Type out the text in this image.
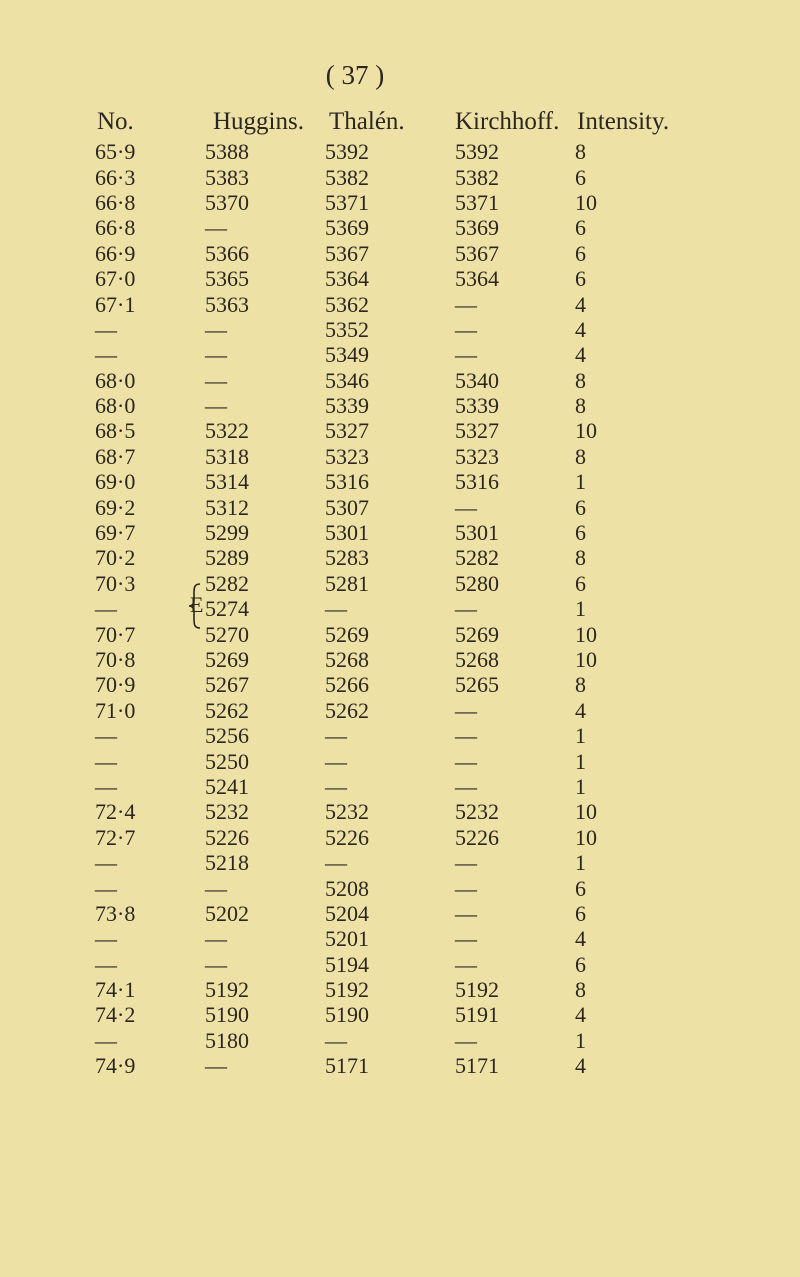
( 37 )
No.	Huggins.	Thalén.	Kirchhoff.	Intensity.
65·9	5388	5392	5392	8
66·3	5383	5382	5382	6
66·8	5370	5371	5371	10
66·8	—	5369	5369	6
66·9	5366	5367	5367	6
67·0	5365	5364	5364	6
67·1	5363	5362	—	4
—	—	5352	—	4
—	—	5349	—	4
68·0	—	5346	5340	8
68·0	—	5339	5339	8
68·5	5322	5327	5327	10
68·7	5318	5323	5323	8
69·0	5314	5316	5316	1
69·2	5312	5307	—	6
69·7	5299	5301	5301	6
70·2	5289	5283	5282	8
70·3	5282	5281	5280	6
—	5274	—	—	1
70·7	5270	5269	5269	10
70·8	5269	5268	5268	10
70·9	5267	5266	5265	8
71·0	5262	5262	—	4
—	5256	—	—	1
—	5250	—	—	1
—	5241	—	—	1
72·4	5232	5232	5232	10
72·7	5226	5226	5226	10
—	5218	—	—	1
—	—	5208	—	6
73·8	5202	5204	—	6
—	—	5201	—	4
—	—	5194	—	6
74·1	5192	5192	5192	8
74·2	5190	5190	5191	4
—	5180	—	—	1
74·9	—	5171	5171	4
E
